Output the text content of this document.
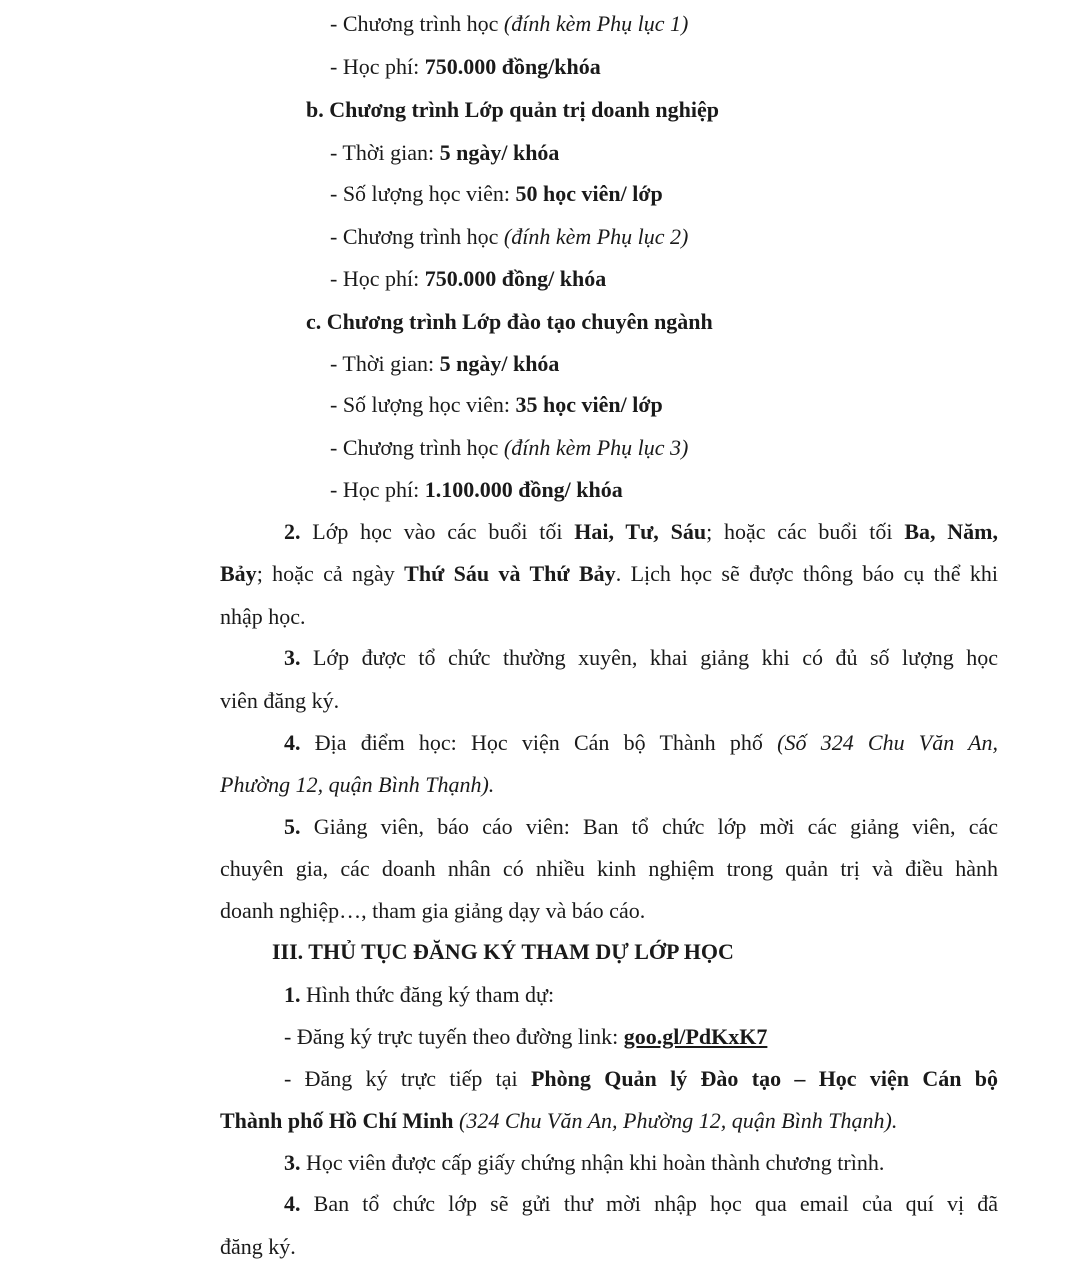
- Chương trình học (đính kèm Phụ lục 1)
- Học phí: 750.000 đồng/khóa
b. Chương trình Lớp quản trị doanh nghiệp
- Thời gian: 5 ngày/ khóa
- Số lượng học viên: 50 học viên/ lớp
- Chương trình học (đính kèm Phụ lục 2)
- Học phí: 750.000 đồng/ khóa
c. Chương trình Lớp đào tạo chuyên ngành
- Thời gian: 5 ngày/ khóa
- Số lượng học viên: 35 học viên/ lớp
- Chương trình học (đính kèm Phụ lục 3)
- Học phí: 1.100.000 đồng/ khóa
2. Lớp học vào các buổi tối Hai, Tư, Sáu; hoặc các buổi tối Ba, Năm,
Bảy; hoặc cả ngày Thứ Sáu và Thứ Bảy. Lịch học sẽ được thông báo cụ thể khi
nhập học.
3. Lớp được tổ chức thường xuyên, khai giảng khi có đủ số lượng học
viên đăng ký.
4. Địa điểm học: Học viện Cán bộ Thành phố (Số 324 Chu Văn An,
Phường 12, quận Bình Thạnh).
5. Giảng viên, báo cáo viên: Ban tổ chức lớp mời các giảng viên, các
chuyên gia, các doanh nhân có nhiều kinh nghiệm trong quản trị và điều hành
doanh nghiệp…, tham gia giảng dạy và báo cáo.
III. THỦ TỤC ĐĂNG KÝ THAM DỰ LỚP HỌC
1. Hình thức đăng ký tham dự:
- Đăng ký trực tuyến theo đường link: goo.gl/PdKxK7
- Đăng ký trực tiếp tại Phòng Quản lý Đào tạo – Học viện Cán bộ
Thành phố Hồ Chí Minh (324 Chu Văn An, Phường 12, quận Bình Thạnh).
3. Học viên được cấp giấy chứng nhận khi hoàn thành chương trình.
4. Ban tổ chức lớp sẽ gửi thư mời nhập học qua email của quí vị đã
đăng ký.
